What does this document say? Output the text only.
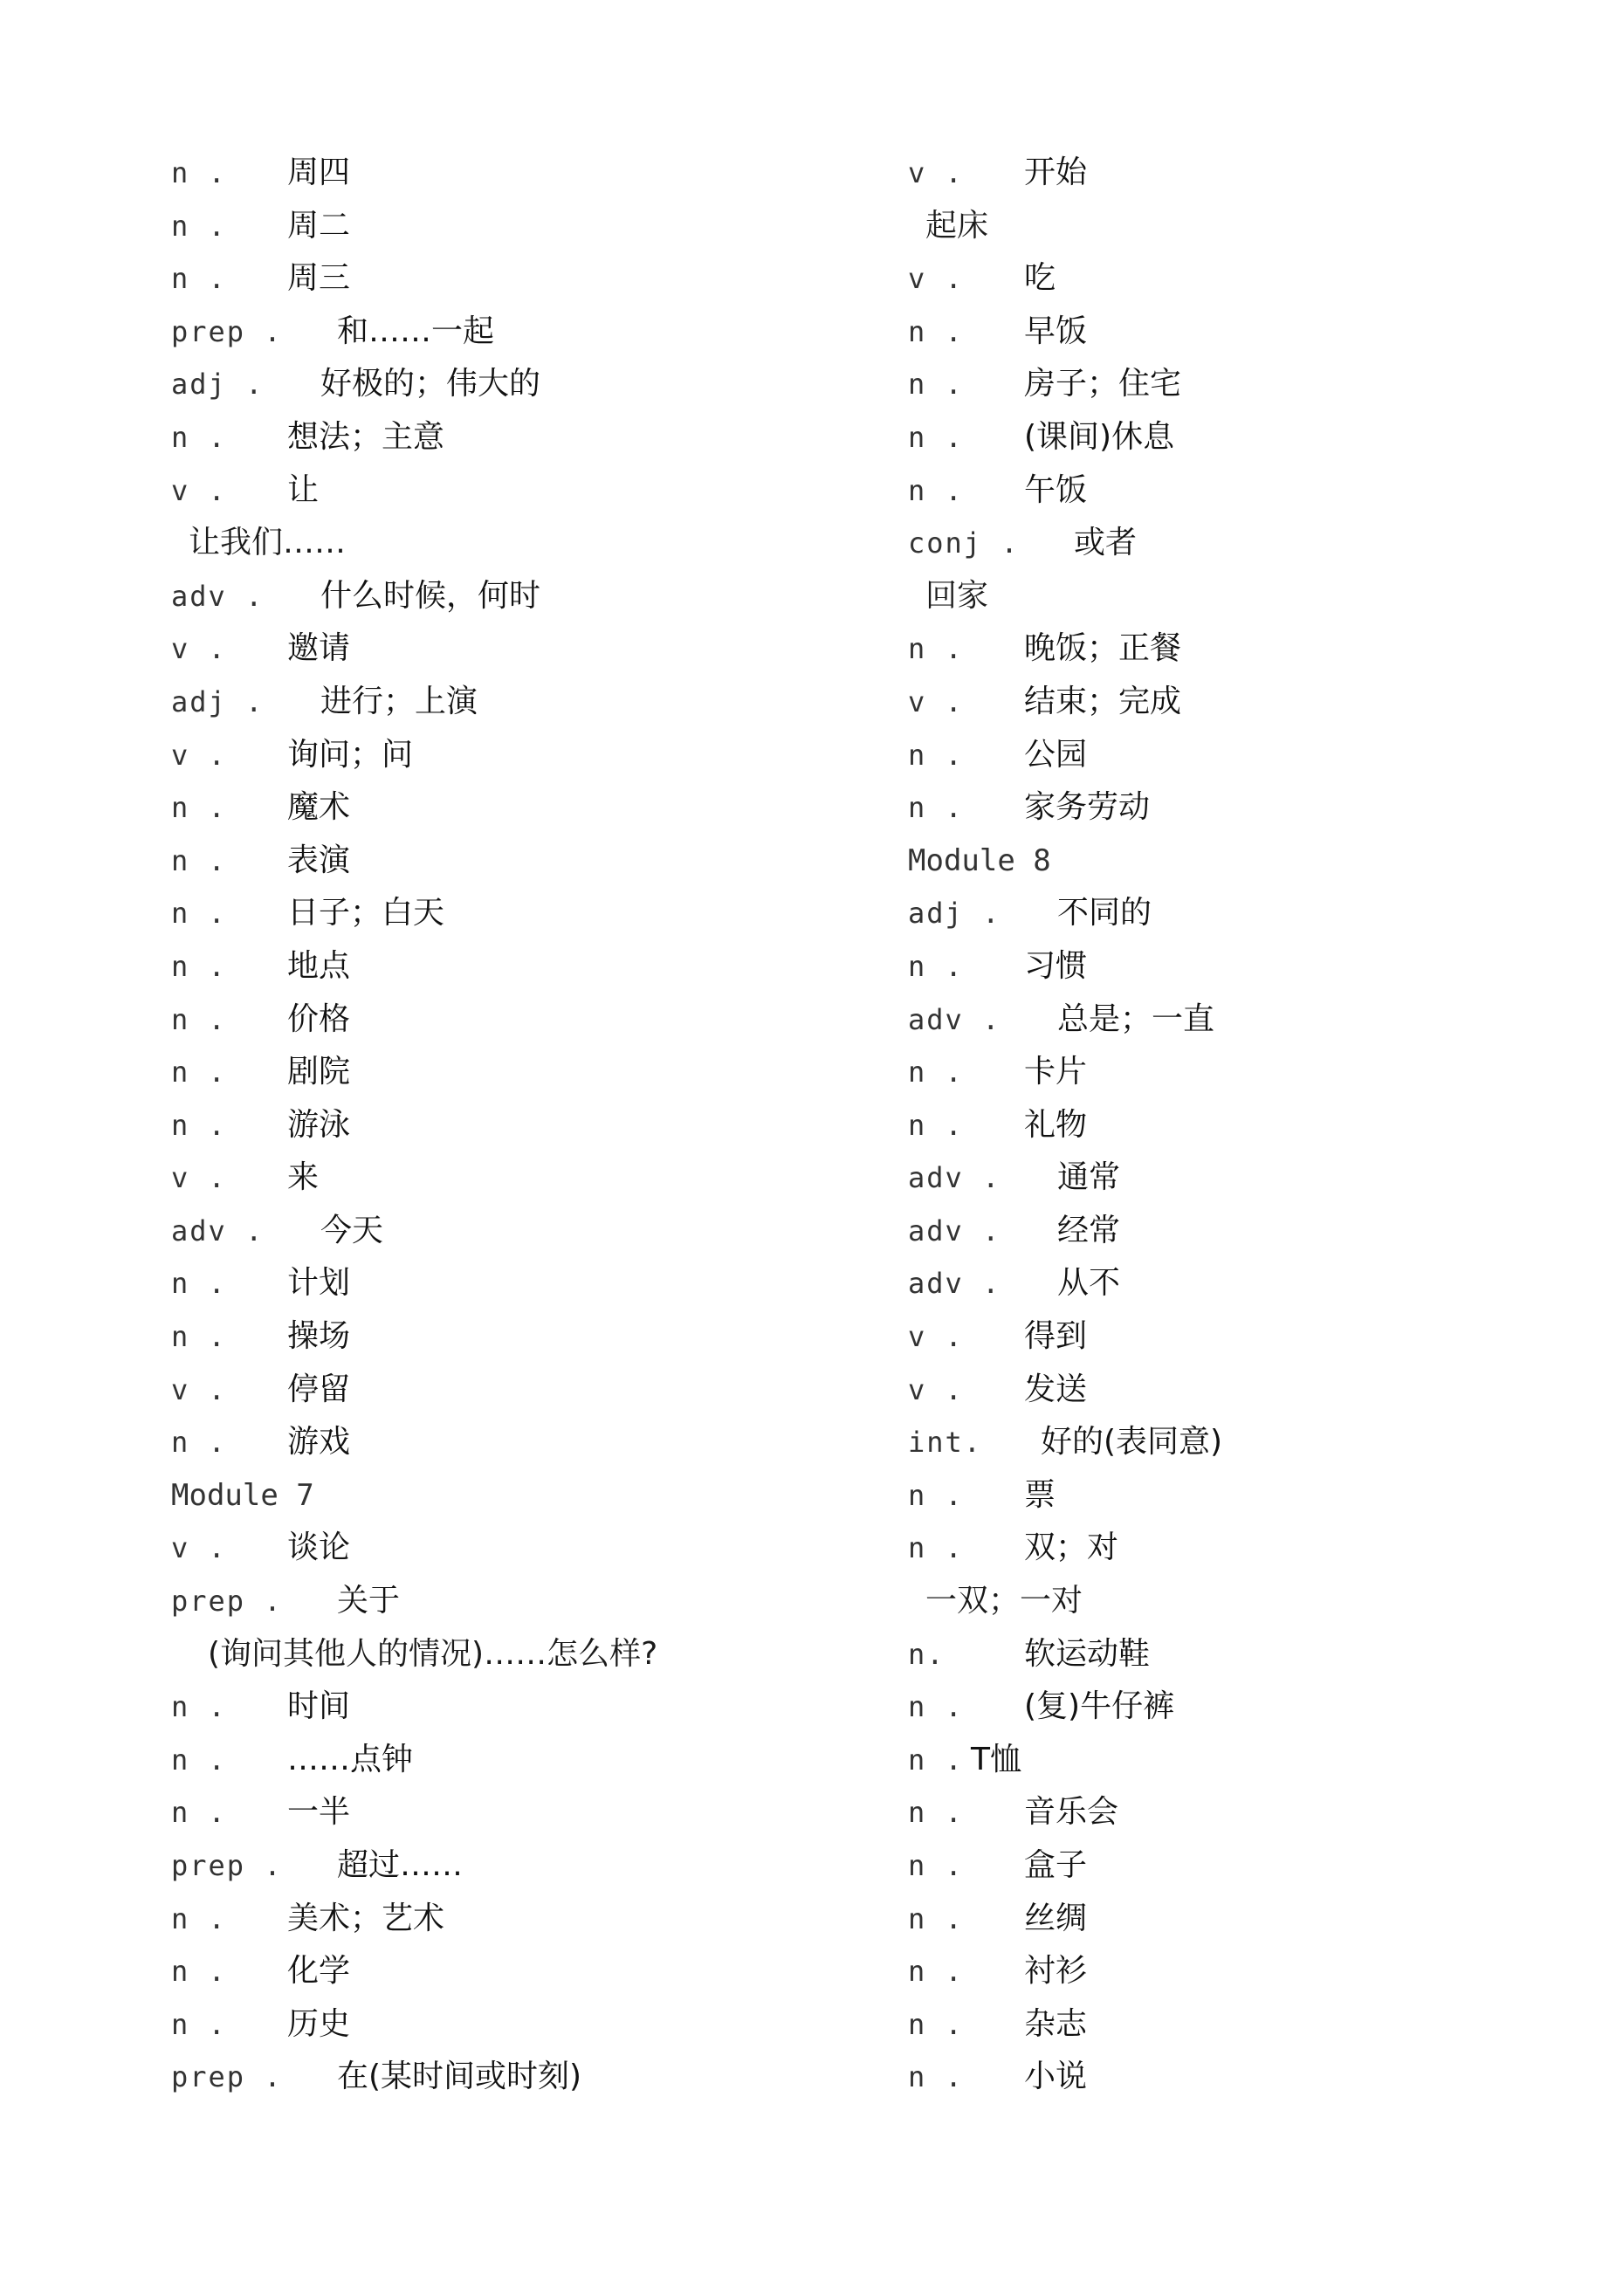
n . 周四
n . 周二
n . 周三
prep . 和……一起
adj . 好极的；伟大的
n . 想法；主意
v . 让
让我们……
adv . 什么时候，何时
v . 邀请
adj . 进行；上演
v . 询问；问
n . 魔术
n . 表演
n . 日子；白天
n . 地点
n . 价格
n . 剧院
n . 游泳
v . 来
adv . 今天
n . 计划
n . 操场
v . 停留
n . 游戏
Module 7
v . 谈论
prep . 关于
(询问其他人的情况)……怎么样?
n . 时间
n . ……点钟
n . 一半
prep . 超过……
n . 美术；艺术
n . 化学
n . 历史
prep . 在(某时间或时刻)
v . 开始
起床
v . 吃
n . 早饭
n . 房子；住宅
n . (课间)休息
n . 午饭
conj . 或者
回家
n . 晚饭；正餐
v . 结束；完成
n . 公园
n . 家务劳动
Module 8
adj . 不同的
n . 习惯
adv . 总是；一直
n . 卡片
n . 礼物
adv . 通常
adv . 经常
adv . 从不
v . 得到
v . 发送
int. 好的(表同意)
n . 票
n . 双；对
一双；一对
n.	软运动鞋
n . (复)牛仔裤
n . T恤
n . 音乐会
n . 盒子
n . 丝绸
n . 衬衫
n . 杂志
n . 小说
